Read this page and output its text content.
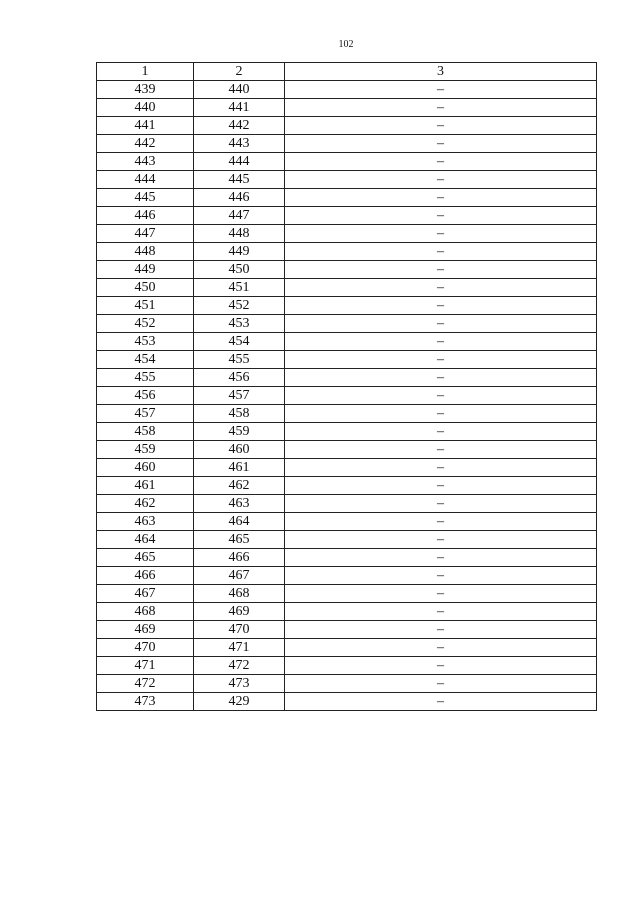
102
1	2	3
439	440	–
440	441	–
441	442	–
442	443	–
443	444	–
444	445	–
445	446	–
446	447	–
447	448	–
448	449	–
449	450	–
450	451	–
451	452	–
452	453	–
453	454	–
454	455	–
455	456	–
456	457	–
457	458	–
458	459	–
459	460	–
460	461	–
461	462	–
462	463	–
463	464	–
464	465	–
465	466	–
466	467	–
467	468	–
468	469	–
469	470	–
470	471	–
471	472	–
472	473	–
473	429	–
